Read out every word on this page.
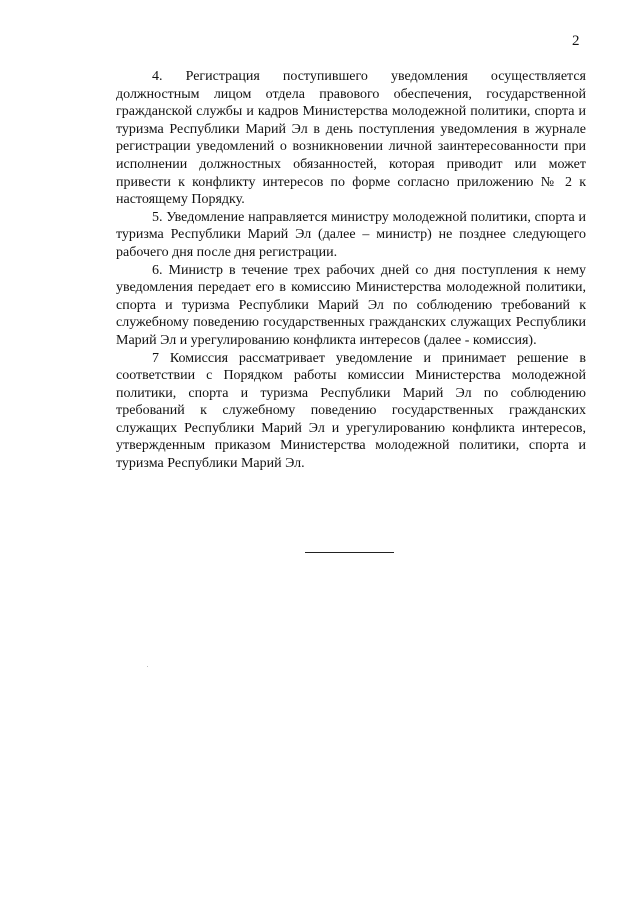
2

4. Регистрация поступившего уведомления осуществляется должностным лицом отдела правового обеспечения, государственной гражданской службы и кадров Министерства молодежной политики, спорта и туризма Республики Марий Эл в день поступления уведомления в журнале регистрации уведомлений о возникновении личной заинтересованности при исполнении должностных обязанностей, которая приводит или может привести к конфликту интересов по форме согласно приложению № 2 к настоящему Порядку.

5. Уведомление направляется министру молодежной политики, спорта и туризма Республики Марий Эл (далее – министр) не позднее следующего рабочего дня после дня регистрации.

6. Министр в течение трех рабочих дней со дня поступления к нему уведомления передает его в комиссию Министерства молодежной политики, спорта и туризма Республики Марий Эл по соблюдению требований к служебному поведению государственных гражданских служащих Республики Марий Эл и урегулированию конфликта интересов (далее - комиссия).

7 Комиссия рассматривает уведомление и принимает решение в соответствии с Порядком работы комиссии Министерства молодежной политики, спорта и туризма Республики Марий Эл по соблюдению требований к служебному поведению государственных гражданских служащих Республики Марий Эл и урегулированию конфликта интересов, утвержденным приказом Министерства молодежной политики, спорта и туризма Республики Марий Эл.
